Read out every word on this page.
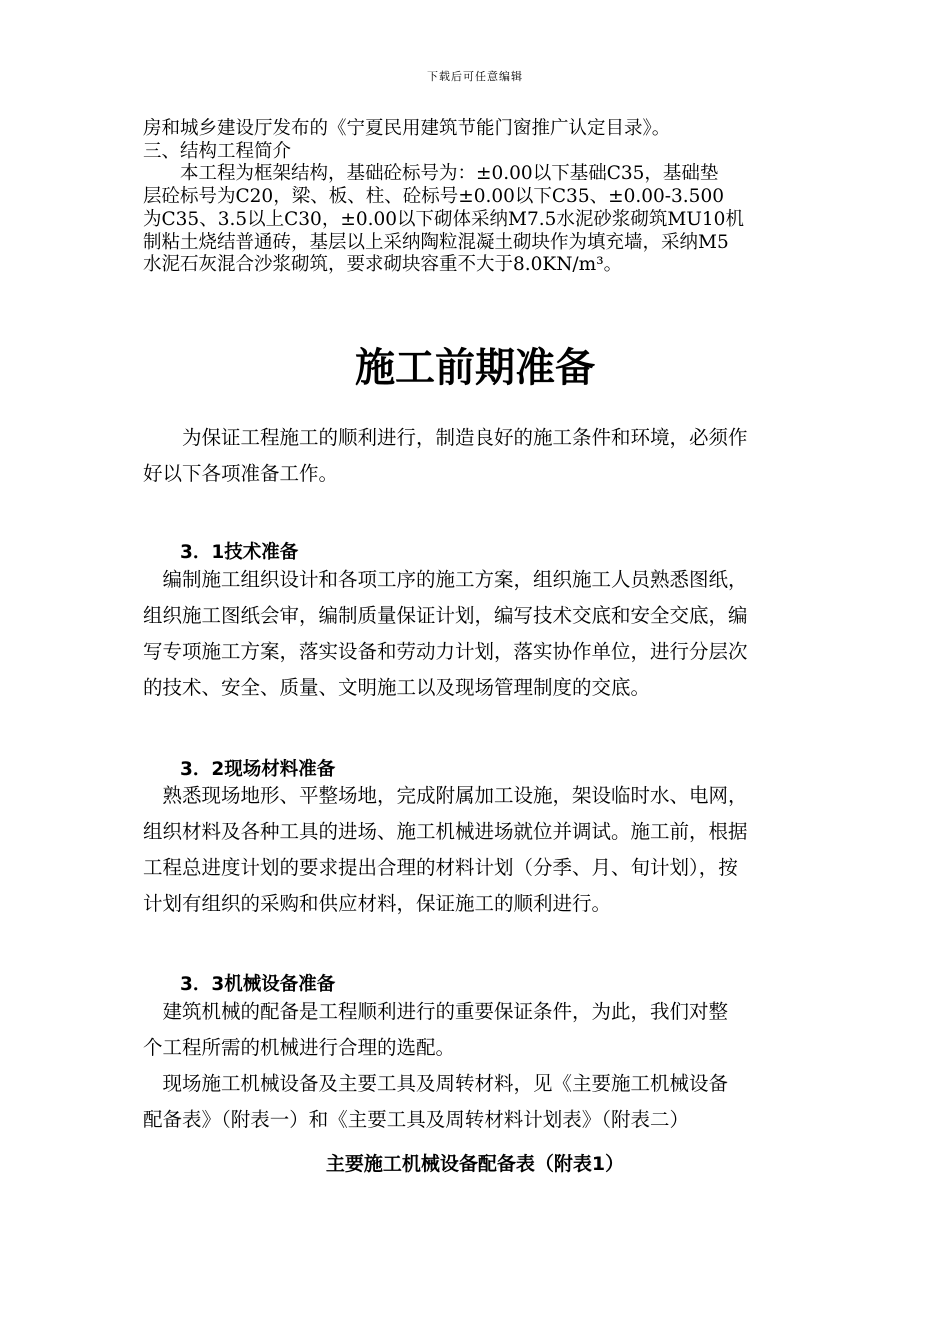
下载后可任意编辑

房和城乡建设厅发布的《宁夏民用建筑节能门窗推广认定目录》。

三、结构工程简介

　　本工程为框架结构，基础砼标号为：±0.00以下基础C35，基础垫

层砼标号为C20，梁、板、柱、砼标号±0.00以下C35、±0.00-3.500

为C35、3.5以上C30，±0.00以下砌体采纳M7.5水泥砂浆砌筑MU10机

制粘土烧结普通砖，基层以上采纳陶粒混凝土砌块作为填充墙，采纳M5

水泥石灰混合沙浆砌筑，要求砌块容重不大于8.0KN/m³。

施工前期准备

　　为保证工程施工的顺利进行，制造良好的施工条件和环境，必须作

好以下各项准备工作。

3．1技术准备

　编制施工组织设计和各项工序的施工方案，组织施工人员熟悉图纸，

组织施工图纸会审，编制质量保证计划，编写技术交底和安全交底，编

写专项施工方案，落实设备和劳动力计划，落实协作单位，进行分层次

的技术、安全、质量、文明施工以及现场管理制度的交底。

3．2现场材料准备

　熟悉现场地形、平整场地，完成附属加工设施，架设临时水、电网，

组织材料及各种工具的进场、施工机械进场就位并调试。施工前，根据

工程总进度计划的要求提出合理的材料计划（分季、月、旬计划），按

计划有组织的采购和供应材料，保证施工的顺利进行。

3．3机械设备准备

　建筑机械的配备是工程顺利进行的重要保证条件，为此，我们对整

个工程所需的机械进行合理的选配。

　现场施工机械设备及主要工具及周转材料，见《主要施工机械设备

配备表》（附表一）和《主要工具及周转材料计划表》（附表二）

主要施工机械设备配备表（附表1）
